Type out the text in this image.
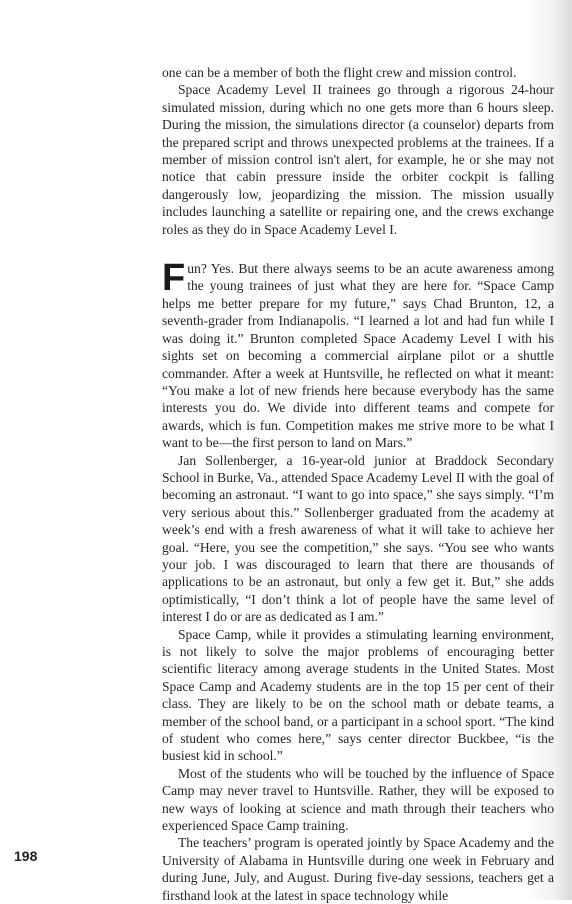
one can be a member of both the flight crew and mission control.

Space Academy Level II trainees go through a rigorous 24-hour simulated mission, during which no one gets more than 6 hours sleep. During the mission, the simulations director (a counselor) departs from the prepared script and throws unexpected problems at the trainees. If a member of mission control isn't alert, for example, he or she may not notice that cabin pressure inside the orbiter cockpit is falling dangerously low, jeopardizing the mission. The mission usually includes launching a satellite or repairing one, and the crews exchange roles as they do in Space Academy Level I.

Fun? Yes. But there always seems to be an acute awareness among the young trainees of just what they are here for. “Space Camp helps me better prepare for my future,” says Chad Brunton, 12, a seventh-grader from Indianapolis. “I learned a lot and had fun while I was doing it.” Brunton completed Space Academy Level I with his sights set on becoming a commercial airplane pilot or a shuttle commander. After a week at Huntsville, he reflected on what it meant: “You make a lot of new friends here because everybody has the same interests you do. We divide into different teams and compete for awards, which is fun. Competition makes me strive more to be what I want to be—the first person to land on Mars.”

Jan Sollenberger, a 16-year-old junior at Braddock Secondary School in Burke, Va., attended Space Academy Level II with the goal of becoming an astronaut. “I want to go into space,” she says simply. “I’m very serious about this.” Sollenberger graduated from the academy at week’s end with a fresh awareness of what it will take to achieve her goal. “Here, you see the competition,” she says. “You see who wants your job. I was discouraged to learn that there are thousands of applications to be an astronaut, but only a few get it. But,” she adds optimistically, “I don’t think a lot of people have the same level of interest I do or are as dedicated as I am.”

Space Camp, while it provides a stimulating learning environment, is not likely to solve the major problems of encouraging better scientific literacy among average students in the United States. Most Space Camp and Academy students are in the top 15 per cent of their class. They are likely to be on the school math or debate teams, a member of the school band, or a participant in a school sport. “The kind of student who comes here,” says center director Buckbee, “is the busiest kid in school.”

Most of the students who will be touched by the influence of Space Camp may never travel to Huntsville. Rather, they will be exposed to new ways of looking at science and math through their teachers who experienced Space Camp training.

The teachers’ program is operated jointly by Space Academy and the University of Alabama in Huntsville during one week in February and during June, July, and August. During five-day sessions, teachers get a firsthand look at the latest in space technology while

198
